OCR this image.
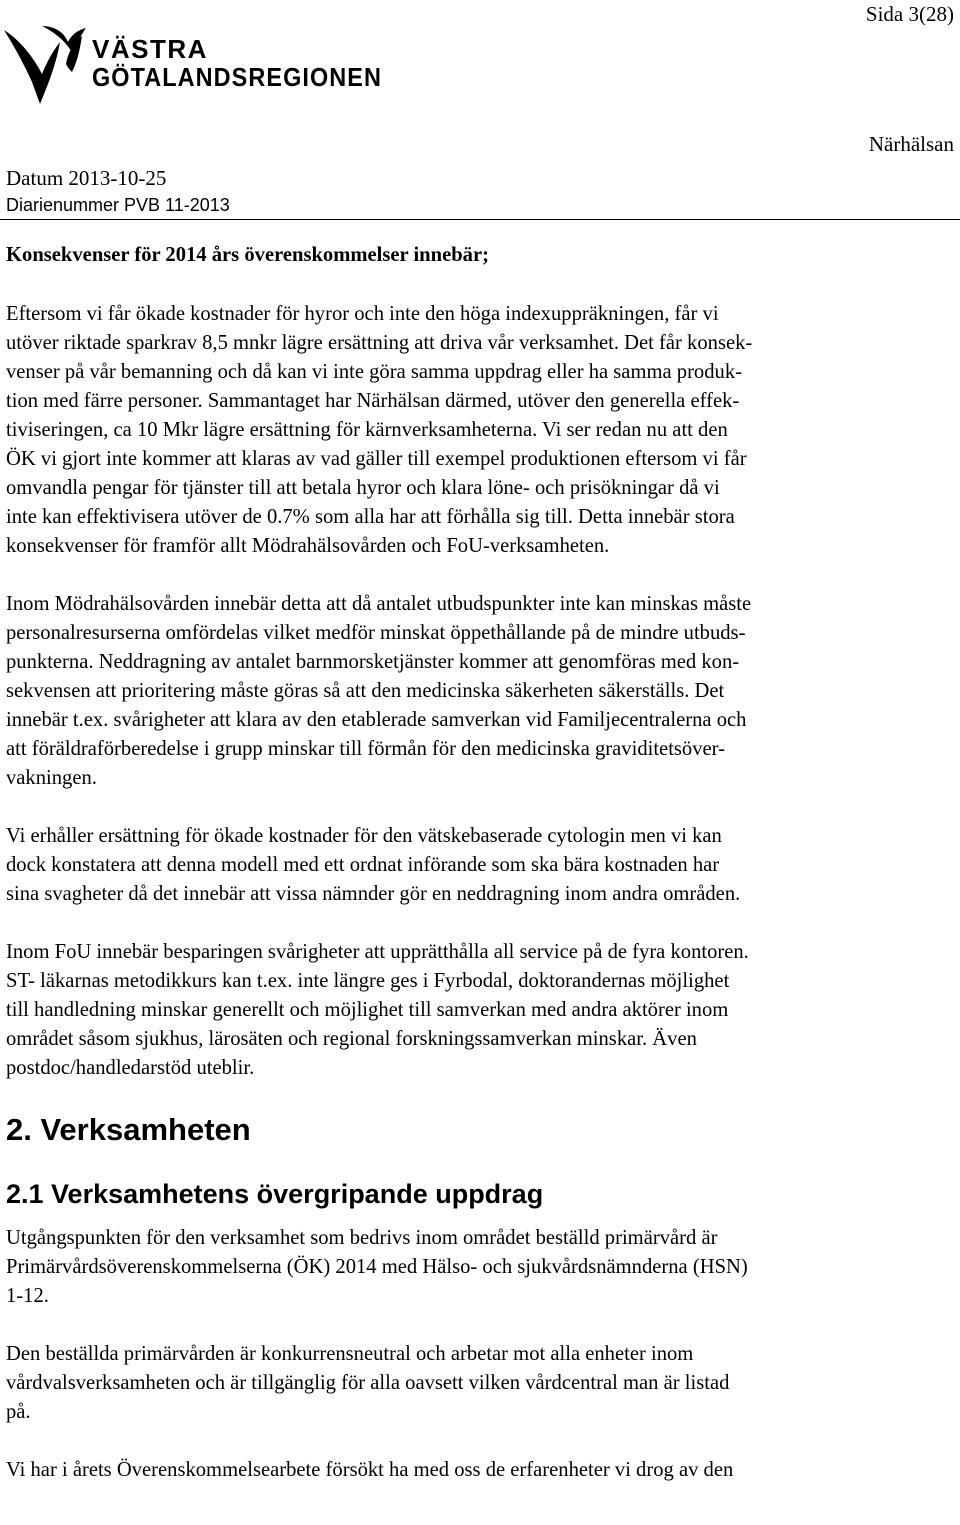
Sida 3(28)
VÄSTRA
GÖTALANDSREGIONEN
Närhälsan
Datum 2013-10-25
Diarienummer PVB 11-2013

Konsekvenser för 2014 års överenskommelser innebär;

Eftersom vi får ökade kostnader för hyror och inte den höga indexuppräkningen, får vi
utöver riktade sparkrav 8,5 mnkr lägre ersättning att driva vår verksamhet. Det får konsek-
venser på vår bemanning och då kan vi inte göra samma uppdrag eller ha samma produk-
tion med färre personer. Sammantaget har Närhälsan därmed, utöver den generella effek-
tiviseringen, ca 10 Mkr lägre ersättning för kärnverksamheterna. Vi ser redan nu att den
ÖK vi gjort inte kommer att klaras av vad gäller till exempel produktionen eftersom vi får
omvandla pengar för tjänster till att betala hyror och klara löne- och prisökningar då vi
inte kan effektivisera utöver de 0.7% som alla har att förhålla sig till. Detta innebär stora
konsekvenser för framför allt Mödrahälsovården och FoU-verksamheten.

Inom Mödrahälsovården innebär detta att då antalet utbudspunkter inte kan minskas måste
personalresurserna omfördelas vilket medför minskat öppethållande på de mindre utbuds-
punkterna. Neddragning av antalet barnmorsketjänster kommer att genomföras med kon-
sekvensen att prioritering måste göras så att den medicinska säkerheten säkerställs. Det
innebär t.ex. svårigheter att klara av den etablerade samverkan vid Familjecentralerna och
att föräldraförberedelse i grupp minskar till förmån för den medicinska graviditetsöver-
vakningen.

Vi erhåller ersättning för ökade kostnader för den vätskebaserade cytologin men vi kan
dock konstatera att denna modell med ett ordnat införande som ska bära kostnaden har
sina svagheter då det innebär att vissa nämnder gör en neddragning inom andra områden.

Inom FoU innebär besparingen svårigheter att upprätthålla all service på de fyra kontoren.
ST- läkarnas metodikkurs kan t.ex. inte längre ges i Fyrbodal, doktorandernas möjlighet
till handledning minskar generellt och möjlighet till samverkan med andra aktörer inom
området såsom sjukhus, lärosäten och regional forskningssamverkan minskar. Även
postdoc/handledarstöd uteblir.

2. Verksamheten

2.1 Verksamhetens övergripande uppdrag

Utgångspunkten för den verksamhet som bedrivs inom området beställd primärvård är
Primärvårdsöverenskommelserna (ÖK) 2014 med Hälso- och sjukvårdsnämnderna (HSN)
1-12.

Den beställda primärvården är konkurrensneutral och arbetar mot alla enheter inom
vårdvalsverksamheten och är tillgänglig för alla oavsett vilken vårdcentral man är listad
på.

Vi har i årets Överenskommelsearbete försökt ha med oss de erfarenheter vi drog av den
